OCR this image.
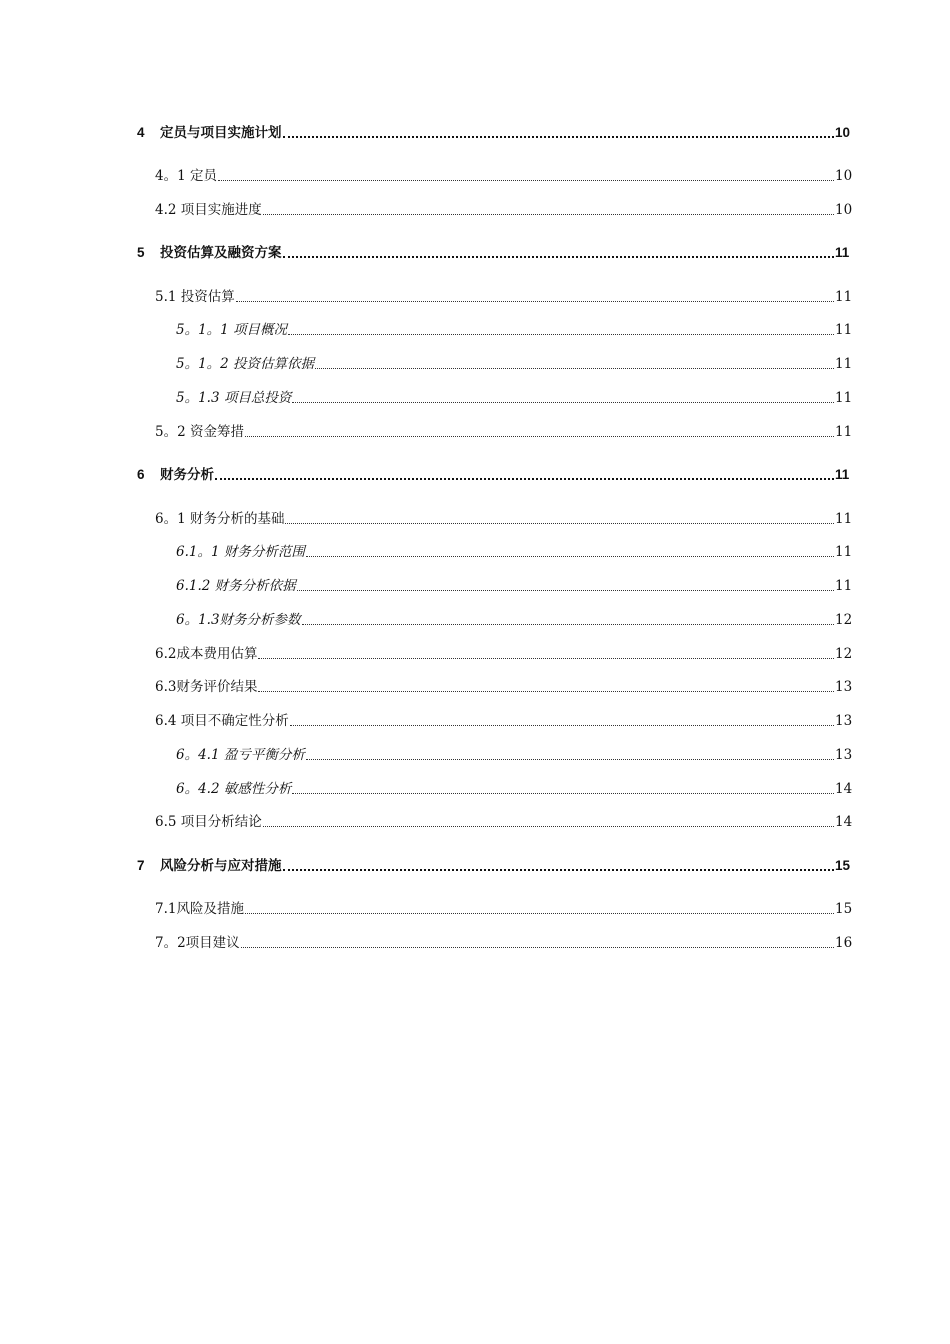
4	定员与项目实施计划	10
4。1 定员	10
4.2 项目实施进度	10
5	投资估算及融资方案	11
5.1 投资估算	11
5。1。1 项目概况	11
5。1。2 投资估算依据	11
5。1.3 项目总投资	11
5。2 资金筹措	11
6	财务分析	11
6。1 财务分析的基础	11
6.1。1 财务分析范围	11
6.1.2 财务分析依据	11
6。1.3财务分析参数	12
6.2成本费用估算	12
6.3财务评价结果	13
6.4 项目不确定性分析	13
6。4.1 盈亏平衡分析	13
6。4.2 敏感性分析	14
6.5 项目分析结论	14
7	风险分析与应对措施	15
7.1风险及措施	15
7。2项目建议	16
